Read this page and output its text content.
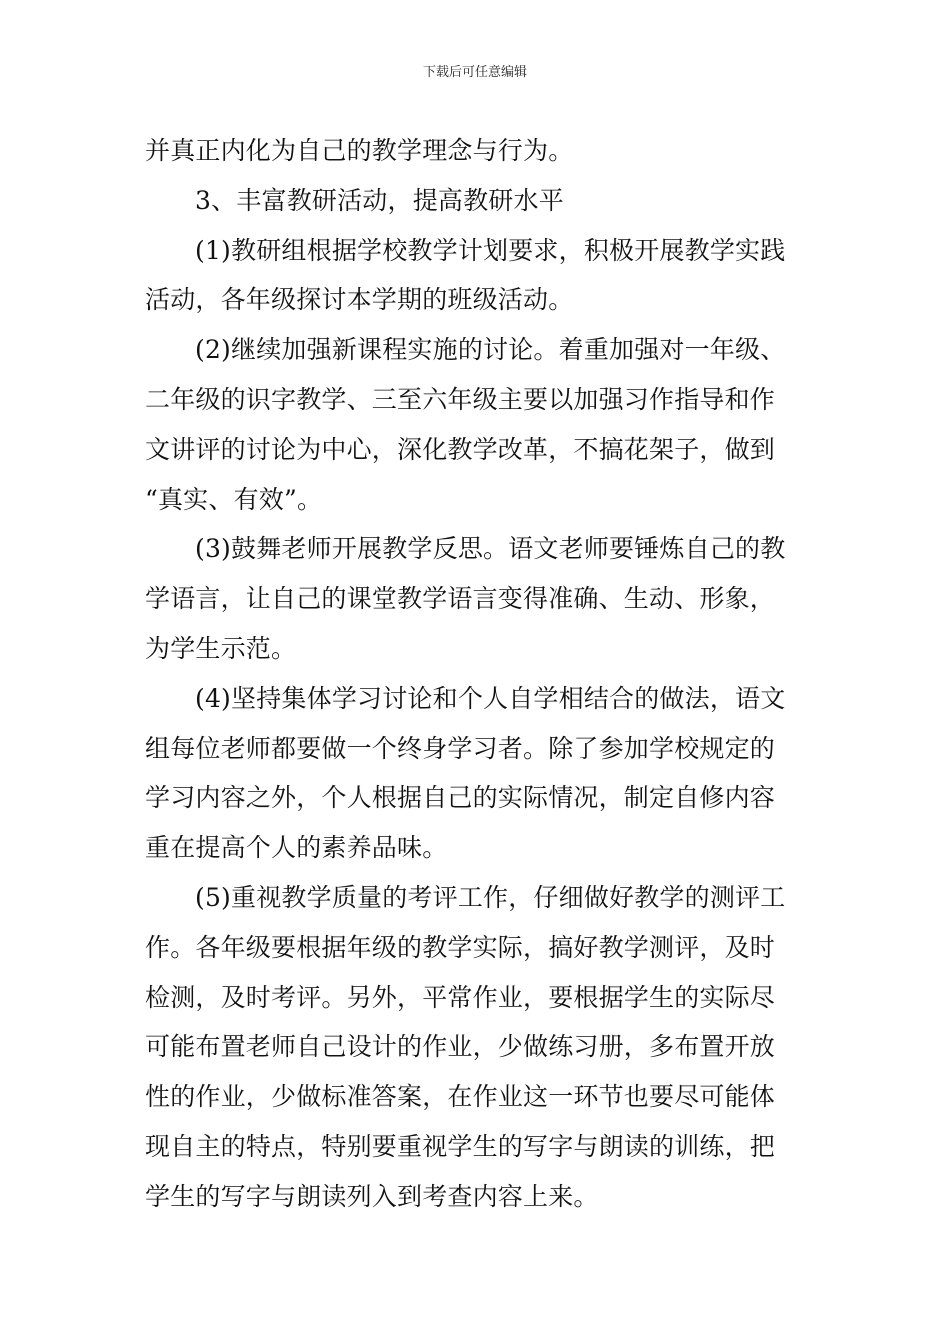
下载后可任意编辑
并真正内化为自己的教学理念与行为。
3、丰富教研活动，提高教研水平
(1)教研组根据学校教学计划要求，积极开展教学实践
活动，各年级探讨本学期的班级活动。
(2)继续加强新课程实施的讨论。着重加强对一年级、
二年级的识字教学、三至六年级主要以加强习作指导和作
文讲评的讨论为中心，深化教学改革，不搞花架子，做到
“真实、有效”。
(3)鼓舞老师开展教学反思。语文老师要锤炼自己的教
学语言，让自己的课堂教学语言变得准确、生动、形象，
为学生示范。
(4)坚持集体学习讨论和个人自学相结合的做法，语文
组每位老师都要做一个终身学习者。除了参加学校规定的
学习内容之外，个人根据自己的实际情况，制定自修内容
重在提高个人的素养品味。
(5)重视教学质量的考评工作，仔细做好教学的测评工
作。各年级要根据年级的教学实际，搞好教学测评，及时
检测，及时考评。另外，平常作业，要根据学生的实际尽
可能布置老师自己设计的作业，少做练习册，多布置开放
性的作业，少做标准答案，在作业这一环节也要尽可能体
现自主的特点，特别要重视学生的写字与朗读的训练，把
学生的写字与朗读列入到考查内容上来。
